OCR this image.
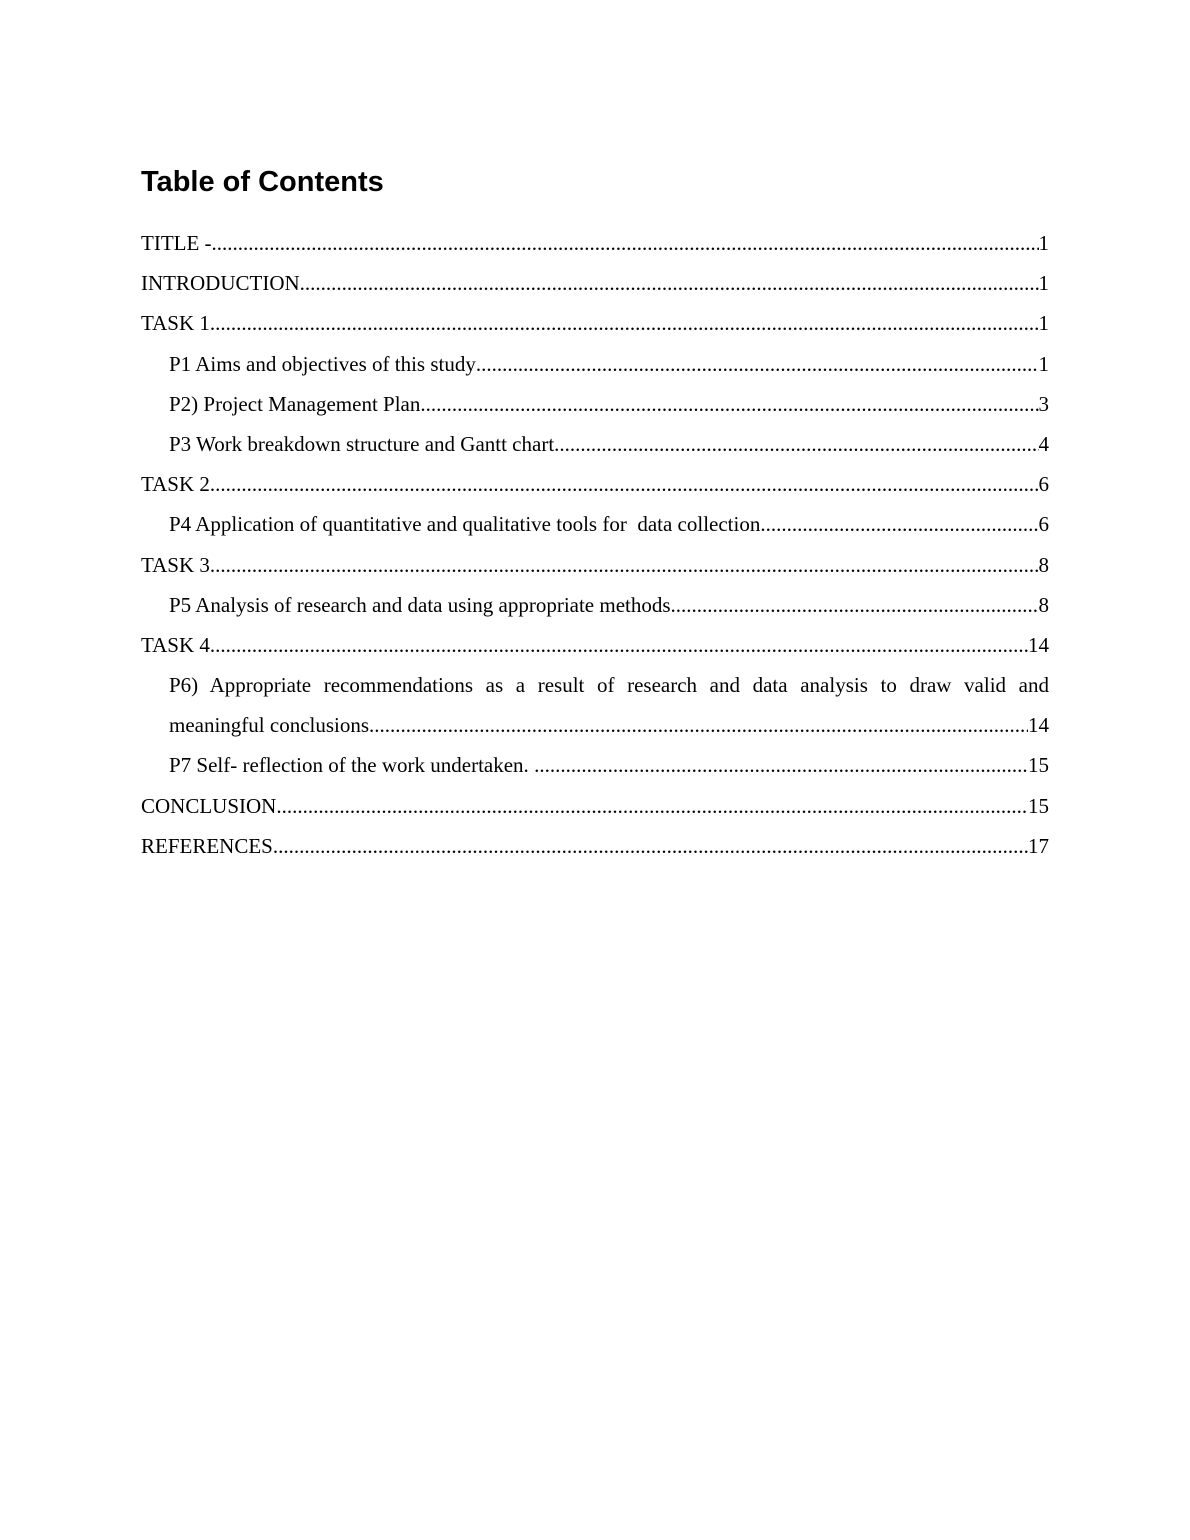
Table of Contents
TITLE - .....	1
INTRODUCTION .....	1
TASK 1 .....	1
P1 Aims and objectives of this study .....	1
P2) Project Management Plan .....	3
P3 Work breakdown structure and Gantt chart .....	4
TASK 2 .....	6
P4 Application of quantitative and qualitative tools for  data collection .....	6
TASK 3 .....	8
P5 Analysis of research and data using appropriate methods .....	8
TASK 4 .....	14
P6) Appropriate recommendations as a result of research and data analysis to draw valid and
meaningful conclusions .....	14
P7 Self- reflection of the work undertaken. .....	15
CONCLUSION .....	15
REFERENCES .....	17
